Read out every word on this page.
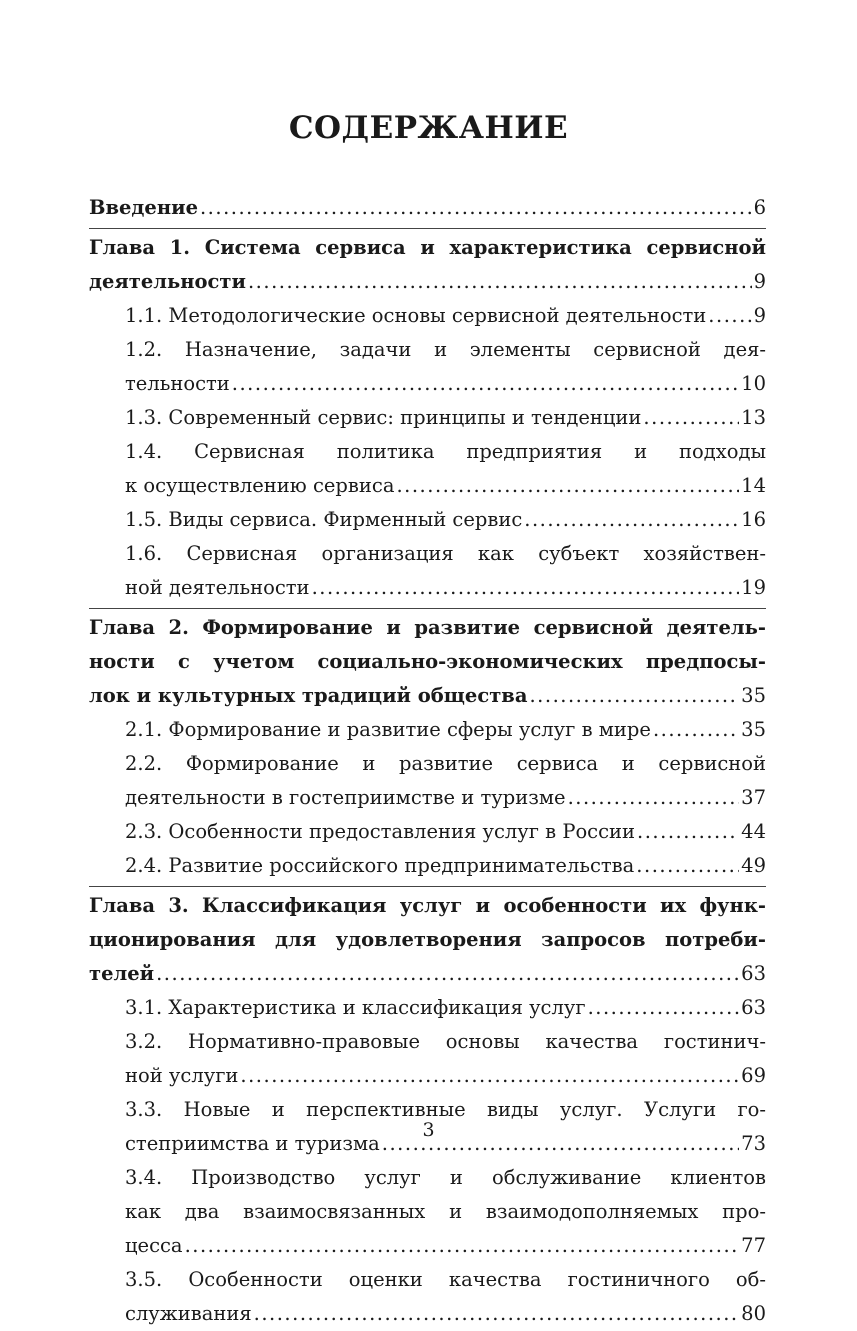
СОДЕРЖАНИЕ
Введение .....	6
Глава 1. Система сервиса и характеристика сервисной
деятельности .....	9
1.1. Методологические основы сервисной деятельности ..... 9
1.2. Назначение, задачи и элементы сервисной дея-
тельности .....	10
1.3. Современный сервис: принципы и тенденции .....	13
1.4. Сервисная политика предприятия и подходы
к осуществлению сервиса .....	14
1.5. Виды сервиса. Фирменный сервис .....	16
1.6. Сервисная организация как субъект хозяйствен-
ной деятельности .....	19
Глава 2. Формирование и развитие сервисной деятель-
ности с учетом социально-экономических предпосы-
лок и культурных традиций общества .....	35
2.1. Формирование и развитие сферы услуг в мире .....	35
2.2. Формирование и развитие сервиса и сервисной
деятельности в гостеприимстве и туризме .....	37
2.3. Особенности предоставления услуг в России .....	44
2.4. Развитие российского предпринимательства .....	49
Глава 3. Классификация услуг и особенности их функ-
ционирования для удовлетворения запросов потреби-
телей .....	63
3.1. Характеристика и классификация услуг .....	63
3.2. Нормативно-правовые основы качества гостинич-
ной услуги .....	69
3.3. Новые и перспективные виды услуг. Услуги го-
степриимства и туризма .....	73
3.4. Производство услуг и обслуживание клиентов
как два взаимосвязанных и взаимодополняемых про-
цесса .....	77
3.5. Особенности оценки качества гостиничного об-
служивания .....	80
3
